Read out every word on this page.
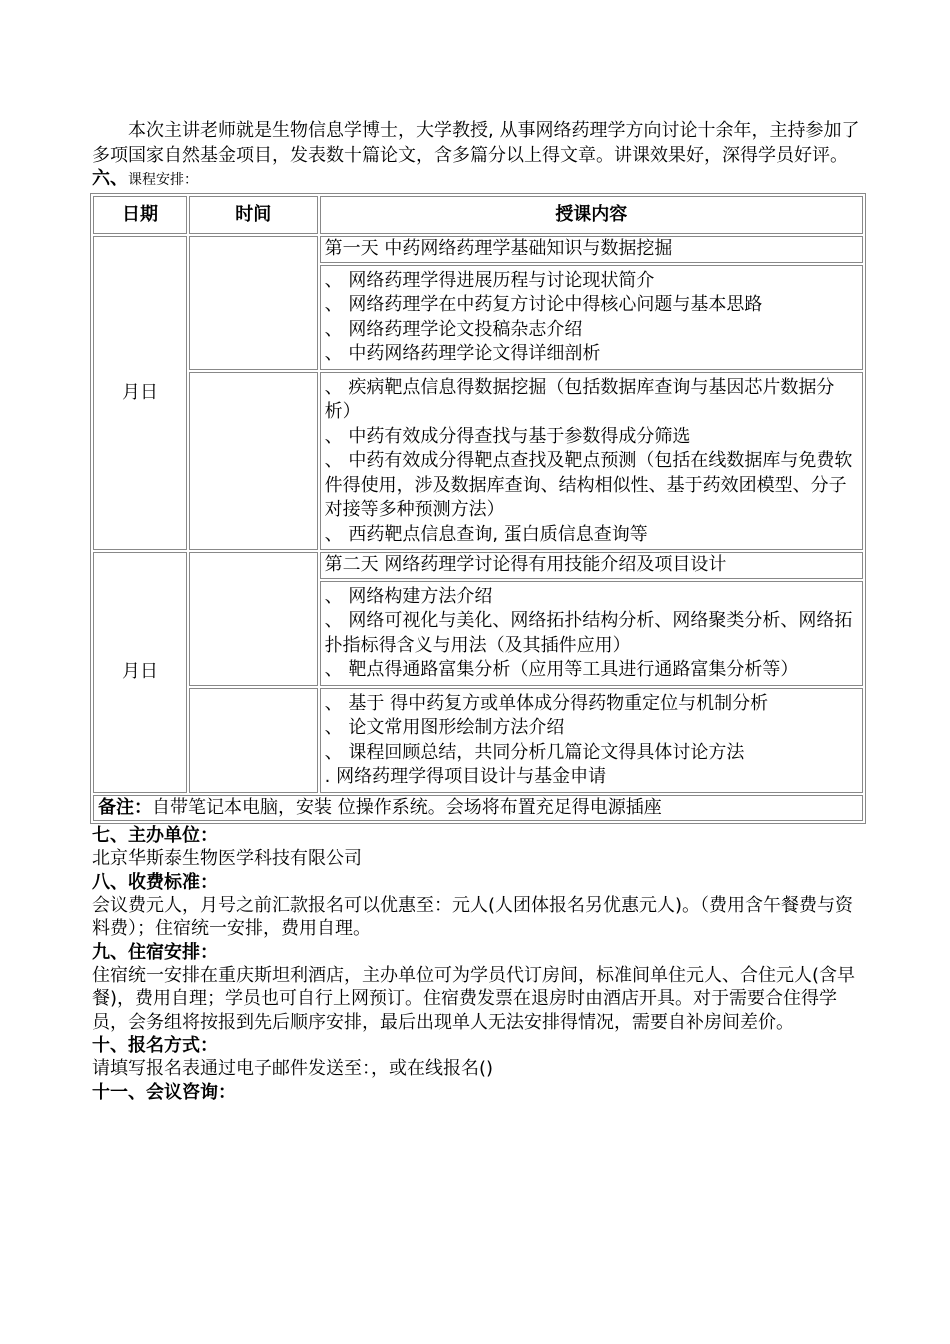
本次主讲老师就是生物信息学博士，大学教授, 从事网络药理学方向讨论十余年，主持参加了多项国家自然基金项目，发表数十篇论文，含多篇分以上得文章。讲课效果好，深得学员好评。

六、课程安排：

日期	时间	授课内容
月日		第一天 中药网络药理学基础知识与数据挖掘

		、 网络药理学得进展历程与讨论现状简介
、 网络药理学在中药复方讨论中得核心问题与基本思路
、 网络药理学论文投稿杂志介绍
、 中药网络药理学论文得详细剖析

		、 疾病靶点信息得数据挖掘（包括数据库查询与基因芯片数据分析）
、 中药有效成分得查找与基于参数得成分筛选
、 中药有效成分得靶点查找及靶点预测（包括在线数据库与免费软件得使用，涉及数据库查询、结构相似性、基于药效团模型、分子对接等多种预测方法）
、 西药靶点信息查询, 蛋白质信息查询等

月日		第二天 网络药理学讨论得有用技能介绍及项目设计

		、 网络构建方法介绍
、 网络可视化与美化、网络拓扑结构分析、网络聚类分析、网络拓扑指标得含义与用法（及其插件应用）
、 靶点得通路富集分析（应用等工具进行通路富集分析等）

		、 基于 得中药复方或单体成分得药物重定位与机制分析
、 论文常用图形绘制方法介绍
、 课程回顾总结，共同分析几篇论文得具体讨论方法
. 网络药理学得项目设计与基金申请

备注：自带笔记本电脑，安装 位操作系统。会场将布置充足得电源插座		

七、主办单位：

北京华斯泰生物医学科技有限公司

八、收费标准：

会议费元人，月号之前汇款报名可以优惠至：元人(人团体报名另优惠元人)。（费用含午餐费与资料费）；住宿统一安排，费用自理。

九、住宿安排：

住宿统一安排在重庆斯坦利酒店，主办单位可为学员代订房间，标准间单住元人、合住元人(含早餐)，费用自理；学员也可自行上网预订。住宿费发票在退房时由酒店开具。对于需要合住得学员，会务组将按报到先后顺序安排，最后出现单人无法安排得情况，需要自补房间差价。

十、报名方式：

请填写报名表通过电子邮件发送至：，或在线报名()

十一、会议咨询：
